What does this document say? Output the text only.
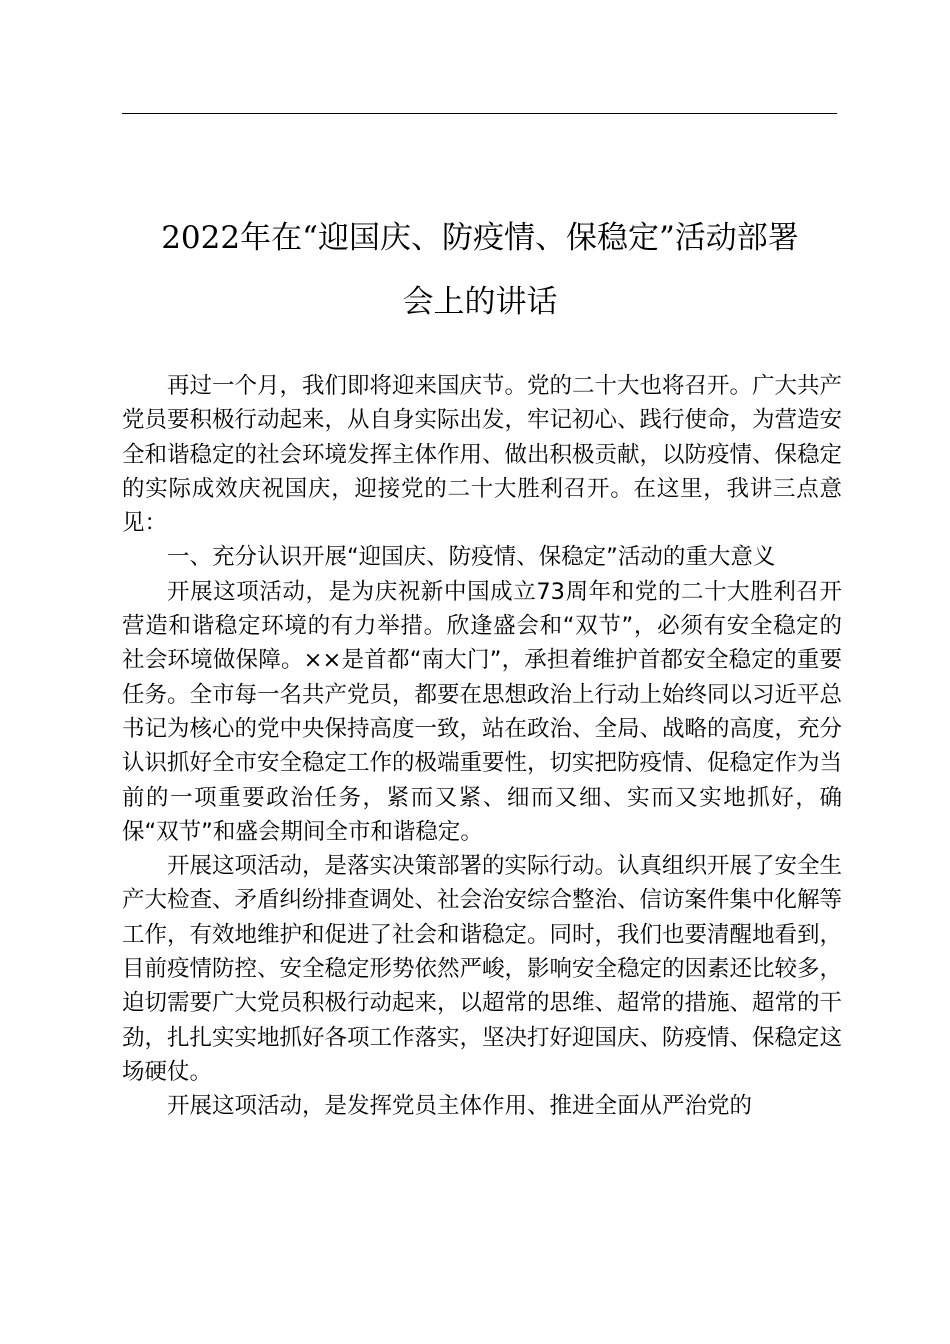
2022年在“迎国庆、防疫情、保稳定”活动部署
会上的讲话

再过一个月，我们即将迎来国庆节。党的二十大也将召开。广大共产党员要积极行动起来，从自身实际出发，牢记初心、践行使命，为营造安全和谐稳定的社会环境发挥主体作用、做出积极贡献，以防疫情、保稳定的实际成效庆祝国庆，迎接党的二十大胜利召开。在这里，我讲三点意见：

一、充分认识开展“迎国庆、防疫情、保稳定”活动的重大意义

开展这项活动，是为庆祝新中国成立73周年和党的二十大胜利召开营造和谐稳定环境的有力举措。欣逢盛会和“双节”，必须有安全稳定的社会环境做保障。××是首都“南大门”，承担着维护首都安全稳定的重要任务。全市每一名共产党员，都要在思想政治上行动上始终同以习近平总书记为核心的党中央保持高度一致，站在政治、全局、战略的高度，充分认识抓好全市安全稳定工作的极端重要性，切实把防疫情、促稳定作为当前的一项重要政治任务，紧而又紧、细而又细、实而又实地抓好，确保“双节”和盛会期间全市和谐稳定。

开展这项活动，是落实决策部署的实际行动。认真组织开展了安全生产大检查、矛盾纠纷排查调处、社会治安综合整治、信访案件集中化解等工作，有效地维护和促进了社会和谐稳定。同时，我们也要清醒地看到，目前疫情防控、安全稳定形势依然严峻，影响安全稳定的因素还比较多，迫切需要广大党员积极行动起来，以超常的思维、超常的措施、超常的干劲，扎扎实实地抓好各项工作落实，坚决打好迎国庆、防疫情、保稳定这场硬仗。

开展这项活动，是发挥党员主体作用、推进全面从严治党的
